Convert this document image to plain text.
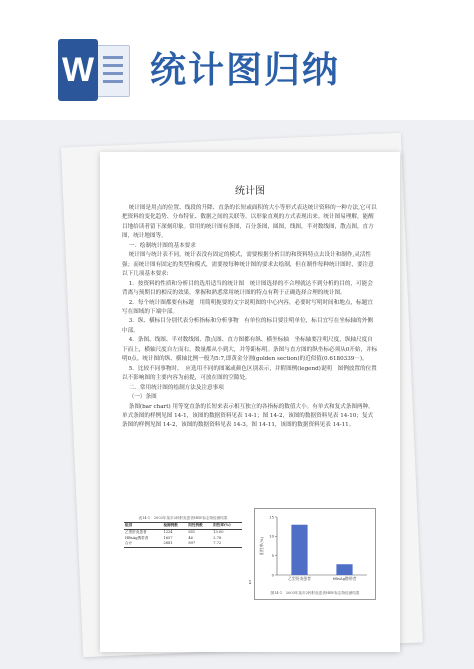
W 统计图归纳
统计图

统计图是用点的位置、线段的升降、直条的长短或面积的大小等形式表达统计资料的一种方法,它可以把资料的变化趋势、分布特征、数据之间的关联等，以形象直观的方式表现出来。统计图易理解，能醒目地给读者留下深刻印象。常用的统计图有条图，百分条图，圆图，线图，半对数线图，散点图，直方图，统计地图等。

一．绘制统计图的基本要求

统计图与统计表不同，统计表没有固定的模式，需要根据分析目的和资料特点去设计和制作,灵活性强；而统计图有固定的类型和模式，需要按每种统计图的要求去绘制，但在制作每种统计图时，要注意以下几项基本要求:

1．按资料的性质和分析目的选用适当的统计图　统计图选择的不合理就达不到分析的目的，可能会背离与预期目的相反的效果。掌握和熟悉常用统计图的特点有利于正确选择合理的统计图。

2．每个统计图都要有标题　用简明扼要的文字说明图的中心内容，必要时写明时间和地点，标题宜写在图域的下端中部。

3．纵、横标目分别代表分析指标和分析事物　有单位的标目要注明单位，标目宜写在坐标轴的外侧中部。

4．条图、线图、半对数线图、散点图、直方图都有纵、横坐标轴　坐标轴要注明尺度，纵轴尺度自下而上，横轴尺度自左而右，数量都从小到大，并等距标明。条图与直方图的纵坐标必须从0开始，并标明0点。统计图的纵、横轴比例一般为5:7,即黄金分割(golden section)的近似值(0.6180339⋯)。

5．比较不同事物时，　应选用不同的图案或颜色区别表示，并附图例(legend)说明　图例放置的位置以不影响图的主要内容为前提，可放在图的空隙处。

二．常用统计图的绘制方法及注意事项

（一）条图

条图(bar chart) 用等宽直条的长短来表示相互独立的各指标的数值大小。有单式和复式条图两种。单式条图的样例见图 14-1，该图的数据资料见表 14-1；图 14-2，该图的数据资料见表 14-10；复式条图的样例见图 14-2，该图的数据资料见表 14-3。图 14-11，该图的数据资料见表 14-11。

表14-1　2003年某市2种肝炎患者HBV标志物检测结果
组别	检测例数	阳性例数	阳性率(%)
乙型肝炎患者	1224	851	13.00
HBsAg携带者	1657	46	2.78
合计	2881	897	7.72
0
5
10
15
阳性率(%)
乙型肝炎患者	HBsAg携带者
图14-1　2003年某市2种肝炎患者HBV标志物检测结果
1
